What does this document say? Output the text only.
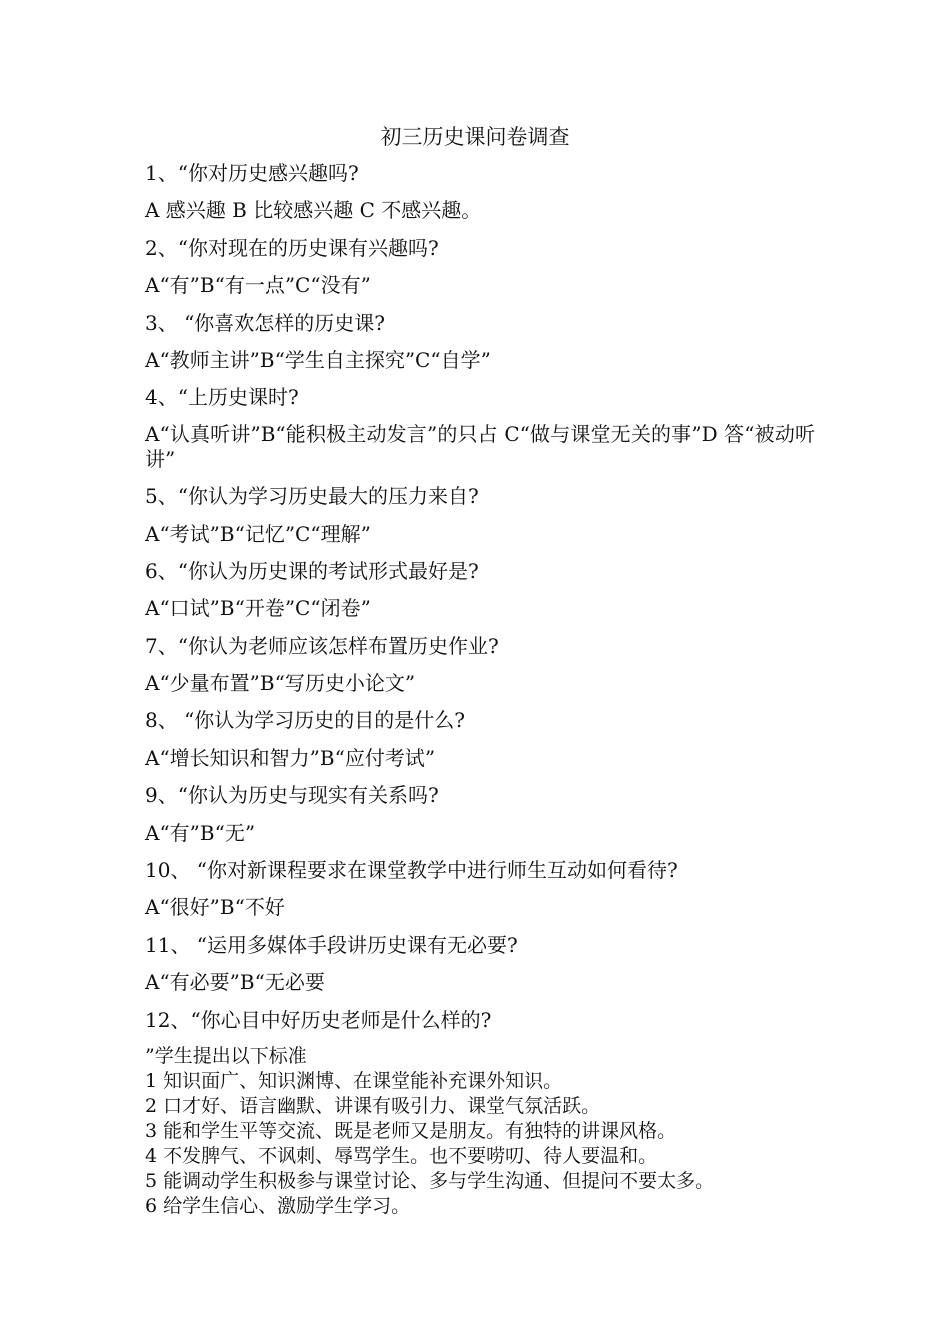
初三历史课问卷调查
1、“你对历史感兴趣吗?
A 感兴趣 B 比较感兴趣 C 不感兴趣。
2、“你对现在的历史课有兴趣吗?
A“有”B“有一点”C“没有”
3、 “你喜欢怎样的历史课?
A“教师主讲”B“学生自主探究”C“自学”
4、“上历史课时?
A“认真听讲”B“能积极主动发言”的只占 C“做与课堂无关的事”D 答“被动听讲”
5、“你认为学习历史最大的压力来自?
A“考试”B“记忆”C“理解”
6、“你认为历史课的考试形式最好是?
A“口试”B“开卷”C“闭卷”
7、“你认为老师应该怎样布置历史作业?
A“少量布置”B“写历史小论文”
8、 “你认为学习历史的目的是什么?
A“增长知识和智力”B“应付考试”
9、“你认为历史与现实有关系吗?
A“有”B“无”
10、 “你对新课程要求在课堂教学中进行师生互动如何看待?
A“很好”B“不好
11、 “运用多媒体手段讲历史课有无必要?
A“有必要”B“无必要
12、“你心目中好历史老师是什么样的?
”学生提出以下标准
1 知识面广、知识渊博、在课堂能补充课外知识。
2 口才好、语言幽默、讲课有吸引力、课堂气氛活跃。
3 能和学生平等交流、既是老师又是朋友。有独特的讲课风格。
4 不发脾气、不讽刺、辱骂学生。也不要唠叨、待人要温和。
5 能调动学生积极参与课堂讨论、多与学生沟通、但提问不要太多。
6 给学生信心、激励学生学习。
